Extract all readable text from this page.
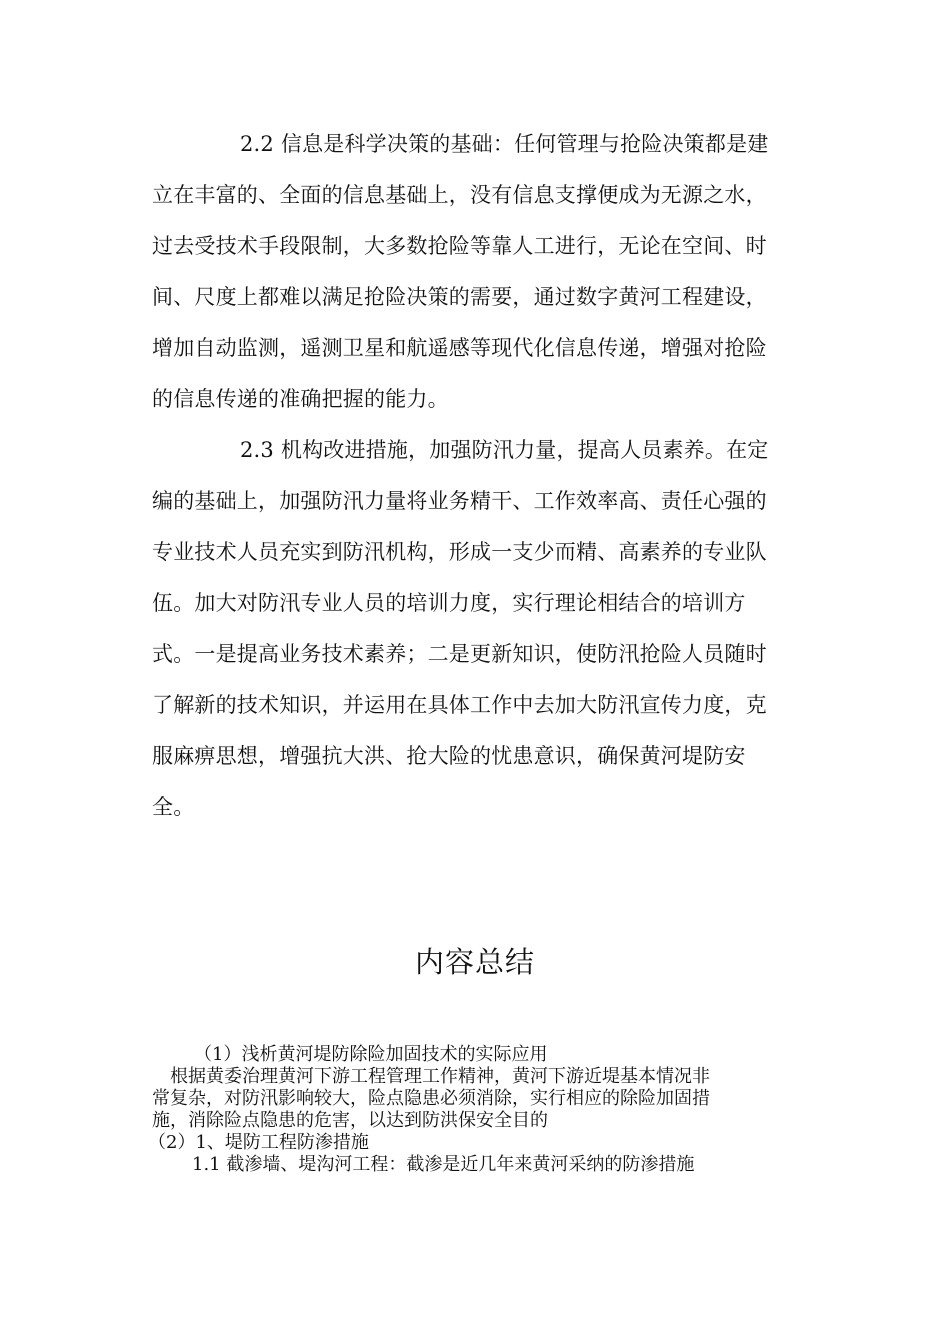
2.2 信息是科学决策的基础：任何管理与抢险决策都是建
立在丰富的、全面的信息基础上，没有信息支撑便成为无源之水，
过去受技术手段限制，大多数抢险等靠人工进行，无论在空间、时
间、尺度上都难以满足抢险决策的需要，通过数字黄河工程建设，
增加自动监测，遥测卫星和航遥感等现代化信息传递，增强对抢险
的信息传递的准确把握的能力。
2.3 机构改进措施，加强防汛力量，提高人员素养。在定
编的基础上，加强防汛力量将业务精干、工作效率高、责任心强的
专业技术人员充实到防汛机构，形成一支少而精、高素养的专业队
伍。加大对防汛专业人员的培训力度，实行理论相结合的培训方
式。一是提高业务技术素养；二是更新知识，使防汛抢险人员随时
了解新的技术知识，并运用在具体工作中去加大防汛宣传力度，克
服麻痹思想，增强抗大洪、抢大险的忧患意识，确保黄河堤防安
全。
内容总结
（1）浅析黄河堤防除险加固技术的实际应用
根据黄委治理黄河下游工程管理工作精神，黄河下游近堤基本情况非
常复杂，对防汛影响较大，险点隐患必须消除，实行相应的除险加固措
施，消除险点隐患的危害，以达到防洪保安全目的
（2）1、堤防工程防渗措施
1.1 截渗墙、堤沟河工程：截渗是近几年来黄河采纳的防渗措施
